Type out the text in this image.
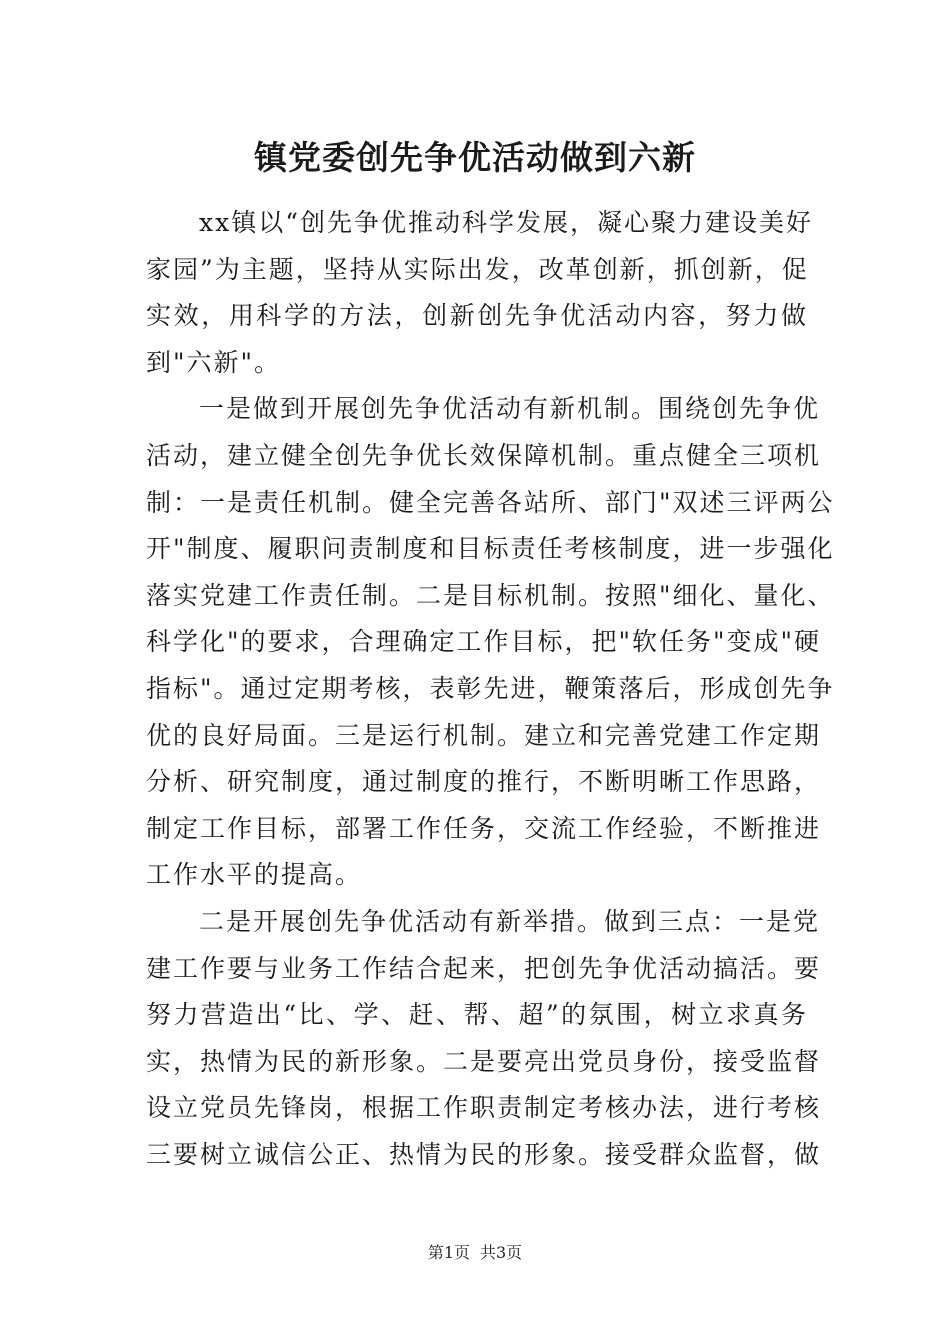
镇党委创先争优活动做到六新

xx镇以“创先争优推动科学发展，凝心聚力建设美好
家园”为主题，坚持从实际出发，改革创新，抓创新，促
实效，用科学的方法，创新创先争优活动内容，努力做
到"六新"。

一是做到开展创先争优活动有新机制。围绕创先争优
活动，建立健全创先争优长效保障机制。重点健全三项机
制：一是责任机制。健全完善各站所、部门"双述三评两公
开"制度、履职问责制度和目标责任考核制度，进一步强化
落实党建工作责任制。二是目标机制。按照"细化、量化、
科学化"的要求，合理确定工作目标，把"软任务"变成"硬
指标"。通过定期考核，表彰先进，鞭策落后，形成创先争
优的良好局面。三是运行机制。建立和完善党建工作定期
分析、研究制度，通过制度的推行，不断明晰工作思路，
制定工作目标，部署工作任务，交流工作经验，不断推进
工作水平的提高。

二是开展创先争优活动有新举措。做到三点：一是党
建工作要与业务工作结合起来，把创先争优活动搞活。要
努力营造出“比、学、赶、帮、超”的氛围，树立求真务
实，热情为民的新形象。二是要亮出党员身份，接受监督
设立党员先锋岗，根据工作职责制定考核办法，进行考核
三要树立诚信公正、热情为民的形象。接受群众监督，做

第1页 共3页
